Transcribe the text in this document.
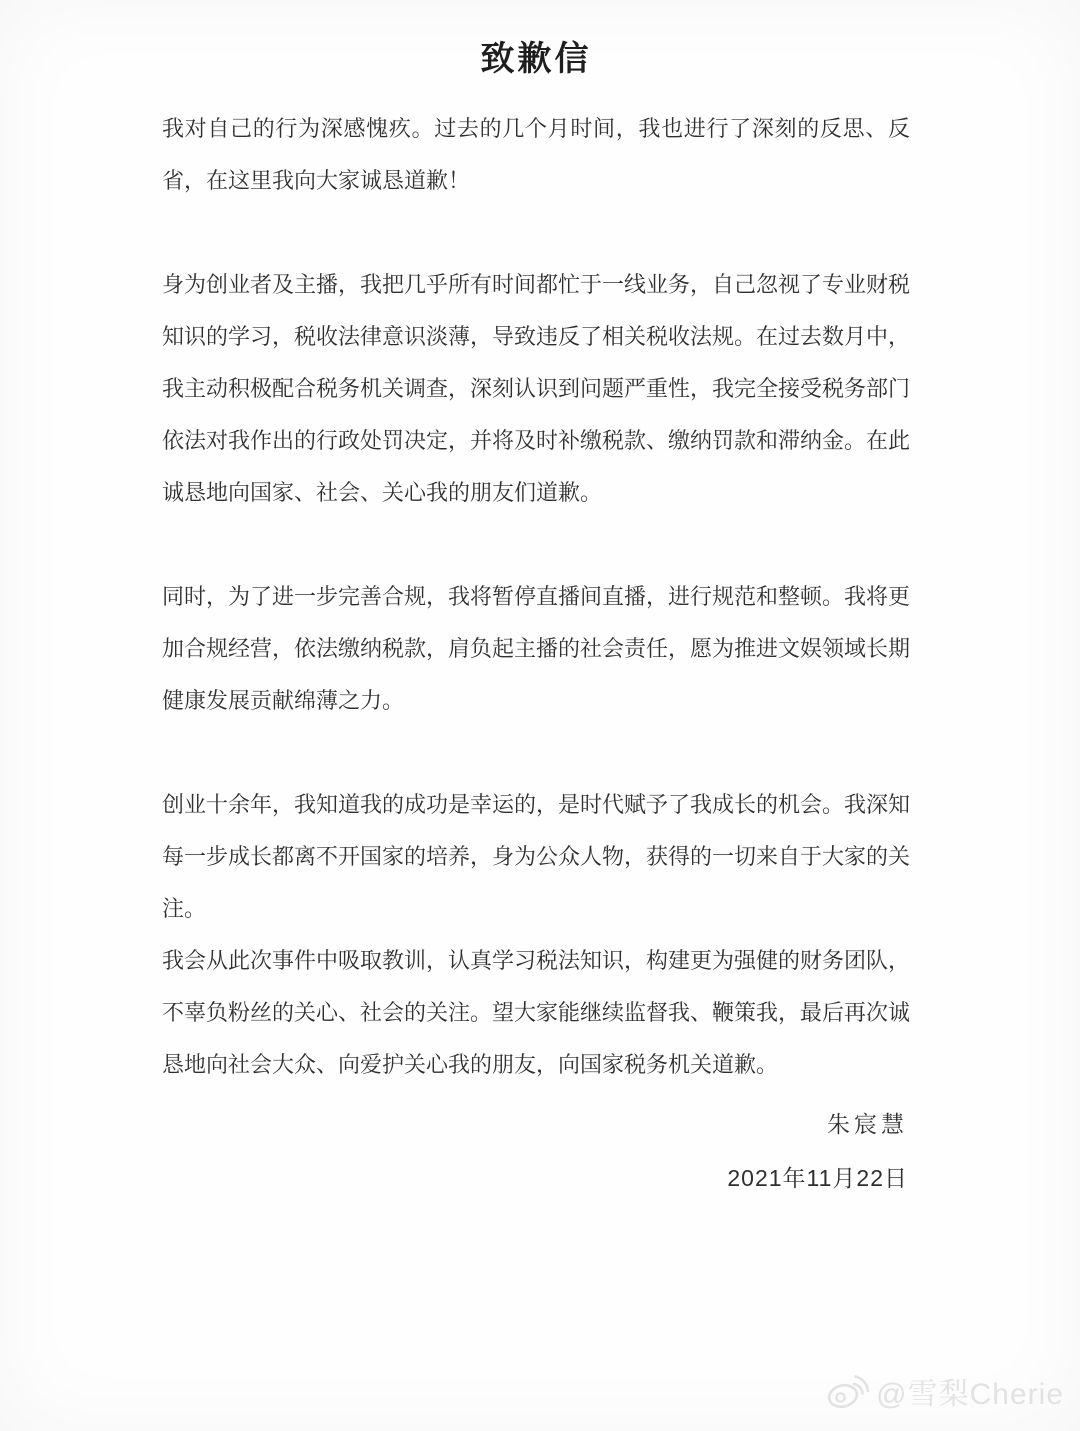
致歉信

我对自己的行为深感愧疚。过去的几个月时间，我也进行了深刻的反思、反省，在这里我向大家诚恳道歉！

身为创业者及主播，我把几乎所有时间都忙于一线业务，自己忽视了专业财税知识的学习，税收法律意识淡薄，导致违反了相关税收法规。在过去数月中，我主动积极配合税务机关调查，深刻认识到问题严重性，我完全接受税务部门依法对我作出的行政处罚决定，并将及时补缴税款、缴纳罚款和滞纳金。在此诚恳地向国家、社会、关心我的朋友们道歉。

同时，为了进一步完善合规，我将暂停直播间直播，进行规范和整顿。我将更加合规经营，依法缴纳税款，肩负起主播的社会责任，愿为推进文娱领域长期健康发展贡献绵薄之力。

创业十余年，我知道我的成功是幸运的，是时代赋予了我成长的机会。我深知每一步成长都离不开国家的培养，身为公众人物，获得的一切来自于大家的关注。

我会从此次事件中吸取教训，认真学习税法知识，构建更为强健的财务团队，不辜负粉丝的关心、社会的关注。望大家能继续监督我、鞭策我，最后再次诚恳地向社会大众、向爱护关心我的朋友，向国家税务机关道歉。

朱宸慧
2021年11月22日
@雪梨Cherie
